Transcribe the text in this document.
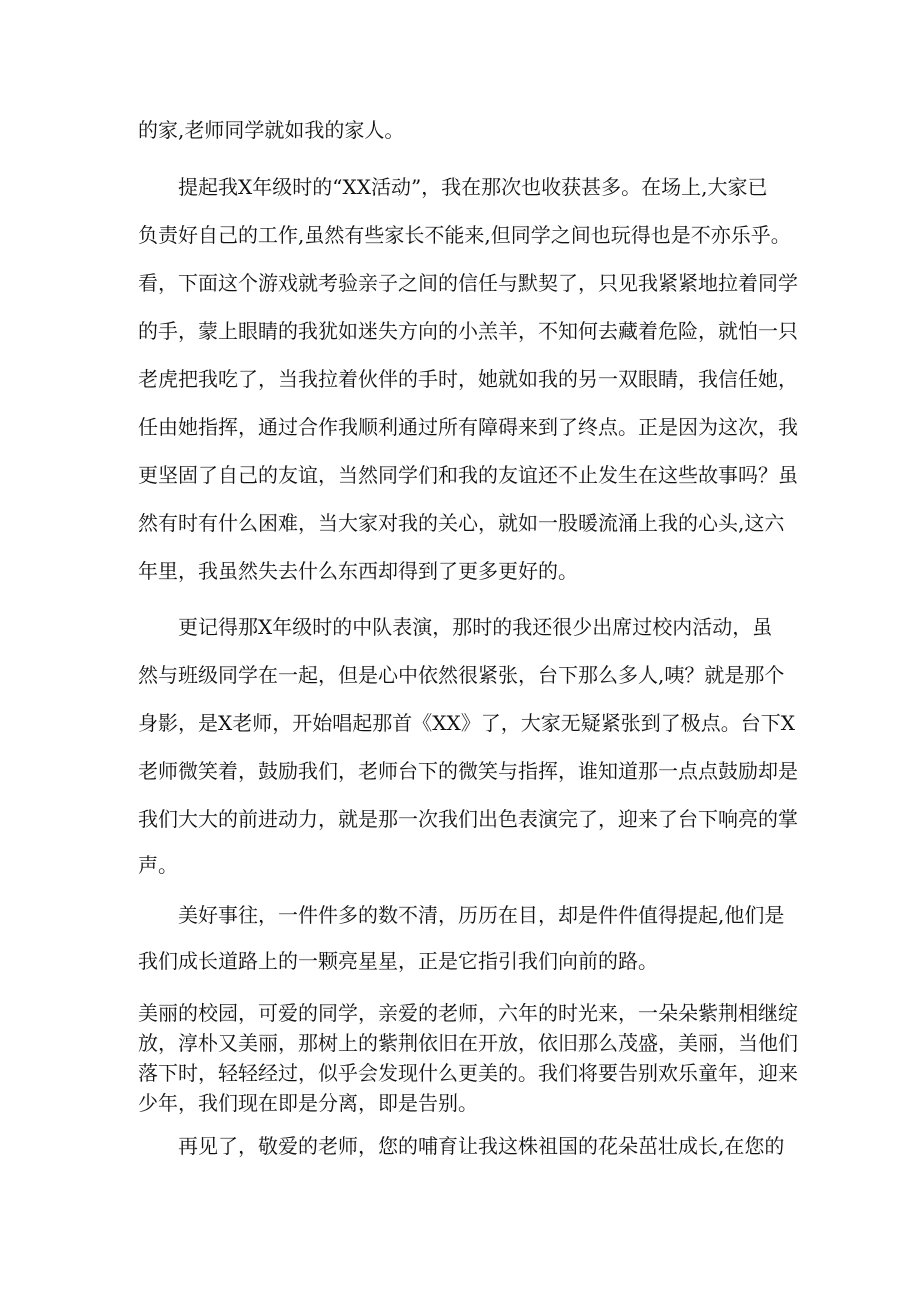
的家,老师同学就如我的家人。
提起我X年级时的“XX活动”，我在那次也收获甚多。在场上,大家已
负责好自己的工作,虽然有些家长不能来,但同学之间也玩得也是不亦乐乎。
看，下面这个游戏就考验亲子之间的信任与默契了，只见我紧紧地拉着同学
的手，蒙上眼睛的我犹如迷失方向的小羔羊，不知何去藏着危险，就怕一只
老虎把我吃了，当我拉着伙伴的手时，她就如我的另一双眼睛，我信任她，
任由她指挥，通过合作我顺利通过所有障碍来到了终点。正是因为这次，我
更坚固了自己的友谊，当然同学们和我的友谊还不止发生在这些故事吗？虽
然有时有什么困难，当大家对我的关心，就如一股暖流涌上我的心头,这六
年里，我虽然失去什么东西却得到了更多更好的。
更记得那X年级时的中队表演，那时的我还很少出席过校内活动，虽
然与班级同学在一起，但是心中依然很紧张，台下那么多人,咦？就是那个
身影，是X老师，开始唱起那首《XX》了，大家无疑紧张到了极点。台下X
老师微笑着，鼓励我们，老师台下的微笑与指挥，谁知道那一点点鼓励却是
我们大大的前进动力，就是那一次我们出色表演完了，迎来了台下响亮的掌
声。
美好事往，一件件多的数不清，历历在目，却是件件值得提起,他们是
我们成长道路上的一颗亮星星，正是它指引我们向前的路。
美丽的校园，可爱的同学，亲爱的老师，六年的时光来，一朵朵紫荆相继绽
放，淳朴又美丽，那树上的紫荆依旧在开放，依旧那么茂盛，美丽，当他们
落下时，轻轻经过，似乎会发现什么更美的。我们将要告别欢乐童年，迎来
少年，我们现在即是分离，即是告别。
再见了，敬爱的老师，您的哺育让我这株祖国的花朵茁壮成长,在您的
